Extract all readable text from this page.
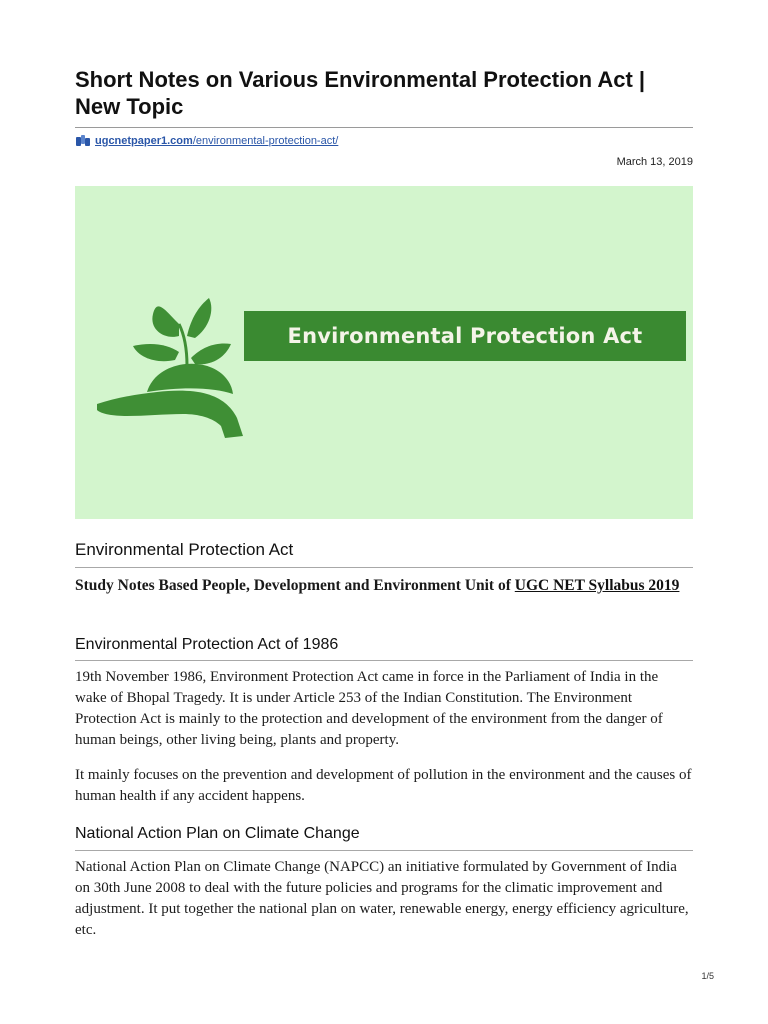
Short Notes on Various Environmental Protection Act | New Topic
ugcnetpaper1.com /environmental-protection-act/
March 13, 2019
Environmental Protection Act
Environmental Protection Act
Study Notes Based People, Development and Environment Unit of UGC NET Syllabus 2019
Environmental Protection Act of 1986
19th November 1986, Environment Protection Act came in force in the Parliament of India in the wake of Bhopal Tragedy. It is under Article 253 of the Indian Constitution. The Environment Protection Act is mainly to the protection and development of the environment from the danger of human beings, other living being, plants and property.
It mainly focuses on the prevention and development of pollution in the environment and the causes of human health if any accident happens.
National Action Plan on Climate Change
National Action Plan on Climate Change (NAPCC) an initiative formulated by Government of India on 30th June 2008 to deal with the future policies and programs for the climatic improvement and adjustment. It put together the national plan on water, renewable energy, energy efficiency agriculture, etc.
1/5
